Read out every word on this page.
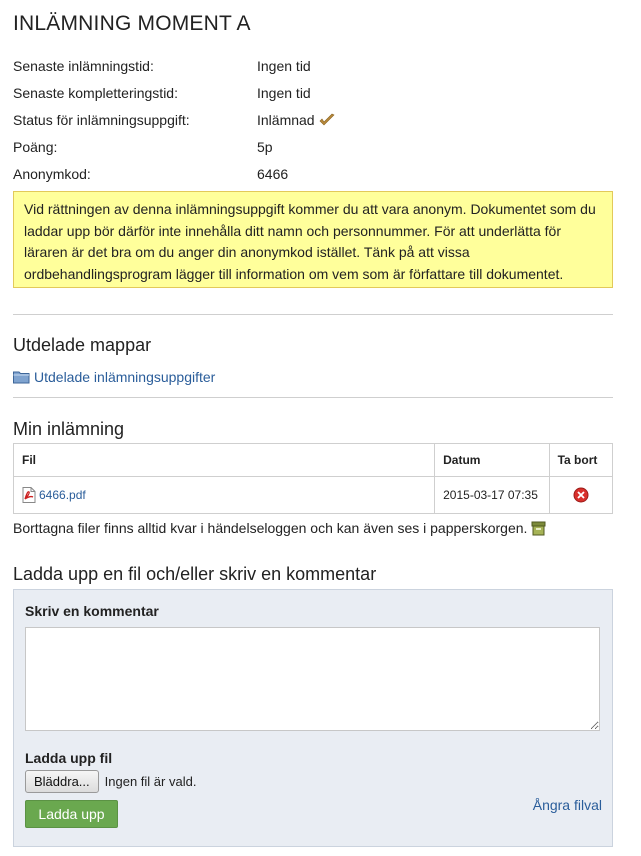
INLÄMNING MOMENT A
Senaste inlämningstid:	Ingen tid
Senaste kompletteringstid:	Ingen tid
Status för inlämningsuppgift:	Inlämnad
Poäng:	5p
Anonymkod:	6466
Vid rättningen av denna inlämningsuppgift kommer du att vara anonym. Dokumentet som du laddar upp bör därför inte innehålla ditt namn och personnummer. För att underlätta för läraren är det bra om du anger din anonymkod istället. Tänk på att vissa ordbehandlingsprogram lägger till information om vem som är författare till dokumentet.
Utdelade mappar
Utdelade inlämningsuppgifter
Min inlämning
Fil	Datum	Ta bort

6466.pdf	2015-03-17 07:35	
Borttagna filer finns alltid kvar i händelseloggen och kan även ses i papperskorgen.
Ladda upp en fil och/eller skriv en kommentar
Skriv en kommentar
Ladda upp fil
Bläddra...	Ingen fil är vald.
Ladda upp
Ångra filval
